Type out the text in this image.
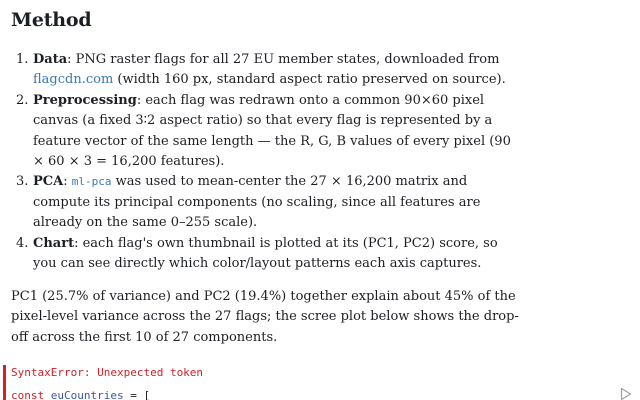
Method
1. Data: PNG raster flags for all 27 EU member states, downloaded from flagcdn.com (width 160 px, standard aspect ratio preserved on source).
2. Preprocessing: each flag was redrawn onto a common 90×60 pixel canvas (a fixed 3∶2 aspect ratio) so that every flag is represented by a feature vector of the same length — the R, G, B values of every pixel (90 × 60 × 3 = 16,200 features).
3. PCA: ml-pca was used to mean-center the 27 × 16,200 matrix and compute its principal components (no scaling, since all features are already on the same 0–255 scale).
4. Chart: each flag's own thumbnail is plotted at its (PC1, PC2) score, so you can see directly which color/layout patterns each axis captures.

PC1 (25.7% of variance) and PC2 (19.4%) together explain about 45% of the pixel-level variance across the 27 flags; the scree plot below shows the drop-off across the first 10 of 27 components.

SyntaxError: Unexpected token
const euCountries = [
